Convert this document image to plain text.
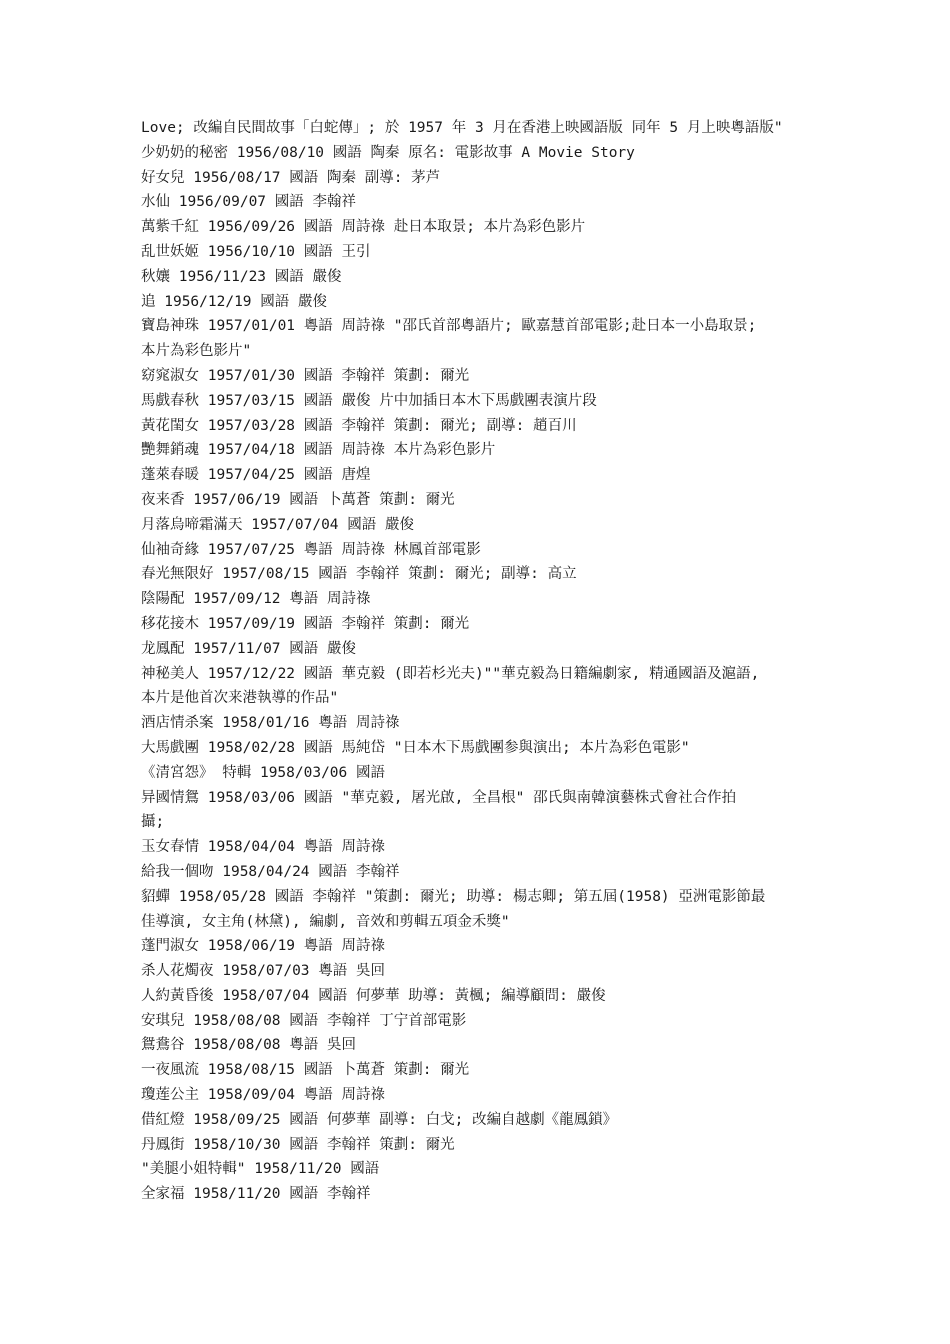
Love; 改編自民間故事「白蛇傳」; 於 1957 年 3 月在香港上映國語版 同年 5 月上映粵語版"
少奶奶的秘密 1956/08/10 國語 陶秦 原名: 電影故事 A Movie Story
好女兒 1956/08/17 國語 陶秦 副導: 茅芦
水仙 1956/09/07 國語 李翰祥
萬紫千紅 1956/09/26 國語 周詩祿 赴日本取景; 本片為彩色影片
乱世妖姬 1956/10/10 國語 王引
秋孃 1956/11/23 國語 嚴俊
追 1956/12/19 國語 嚴俊
寶島神珠 1957/01/01 粵語 周詩祿 "邵氏首部粵語片; 歐嘉慧首部電影;赴日本一小島取景;
本片為彩色影片"
窈窕淑女 1957/01/30 國語 李翰祥 策劃: 爾光
馬戲春秋 1957/03/15 國語 嚴俊 片中加插日本木下馬戲團表演片段
黃花閨女 1957/03/28 國語 李翰祥 策劃: 爾光; 副導: 趙百川
艷舞銷魂 1957/04/18 國語 周詩祿 本片為彩色影片
蓬萊春暖 1957/04/25 國語 唐煌
夜来香 1957/06/19 國語 卜萬蒼 策劃: 爾光
月落烏啼霜滿天 1957/07/04 國語 嚴俊
仙袖奇緣 1957/07/25 粵語 周詩祿 林鳳首部電影
春光無限好 1957/08/15 國語 李翰祥 策劃: 爾光; 副導: 高立
陰陽配 1957/09/12 粵語 周詩祿
移花接木 1957/09/19 國語 李翰祥 策劃: 爾光
龙鳳配 1957/11/07 國語 嚴俊
神秘美人 1957/12/22 國語 華克毅 (即若杉光夫)""華克毅為日籍編劇家, 精通國語及滬語,
本片是他首次来港執導的作品"
酒店情杀案 1958/01/16 粵語 周詩祿
大馬戲團 1958/02/28 國語 馬純岱 "日本木下馬戲團参與演出; 本片為彩色電影"
《清宮怨》 特輯 1958/03/06 國語
异國情鴛 1958/03/06 國語 "華克毅, 屠光啟, 全昌根" 邵氏與南韓演藝株式會社合作拍
攝;
玉女春情 1958/04/04 粵語 周詩祿
給我一個吻 1958/04/24 國語 李翰祥
貂蟬 1958/05/28 國語 李翰祥 "策劃: 爾光; 助導: 楊志卿; 第五屆(1958) 亞洲電影節最
佳導演, 女主角(林黛), 編劇, 音效和剪輯五項金禾獎"
蓬門淑女 1958/06/19 粵語 周詩祿
杀人花燭夜 1958/07/03 粵語 吳回
人約黃昏後 1958/07/04 國語 何夢華 助導: 黃楓; 編導顧問: 嚴俊
安琪兒 1958/08/08 國語 李翰祥 丁宁首部電影
鴛鴦谷 1958/08/08 粵語 吳回
一夜風流 1958/08/15 國語 卜萬蒼 策劃: 爾光
瓊莲公主 1958/09/04 粵語 周詩祿
借紅燈 1958/09/25 國語 何夢華 副導: 白戈; 改編自越劇《龍鳳鎖》
丹鳳街 1958/10/30 國語 李翰祥 策劃: 爾光
"美腿小姐特輯" 1958/11/20 國語
全家福 1958/11/20 國語 李翰祥
